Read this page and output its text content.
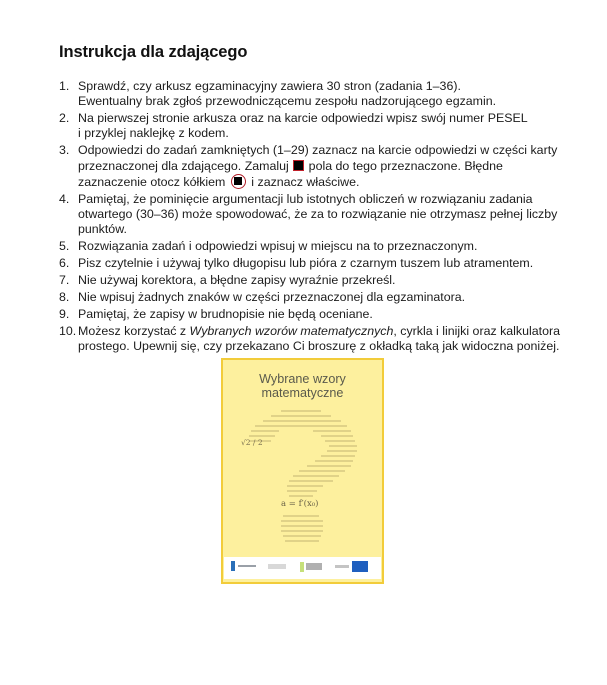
Instrukcja dla zdającego
1. Sprawdź, czy arkusz egzaminacyjny zawiera 30 stron (zadania 1–36).
Ewentualny brak zgłoś przewodniczącemu zespołu nadzorującego egzamin.
2. Na pierwszej stronie arkusza oraz na karcie odpowiedzi wpisz swój numer PESEL
i przyklej naklejkę z kodem.
3. Odpowiedzi do zadań zamkniętych (1–29) zaznacz na karcie odpowiedzi w części karty
przeznaczonej dla zdającego. Zamaluj pola do tego przeznaczone. Błędne
zaznaczenie otocz kółkiem i zaznacz właściwe.
4. Pamiętaj, że pominięcie argumentacji lub istotnych obliczeń w rozwiązaniu zadania
otwartego (30–36) może spowodować, że za to rozwiązanie nie otrzymasz pełnej liczby
punktów.
5. Rozwiązania zadań i odpowiedzi wpisuj w miejscu na to przeznaczonym.
6. Pisz czytelnie i używaj tylko długopisu lub pióra z czarnym tuszem lub atramentem.
7. Nie używaj korektora, a błędne zapisy wyraźnie przekreśl.
8. Nie wpisuj żadnych znaków w części przeznaczonej dla egzaminatora.
9. Pamiętaj, że zapisy w brudnopisie nie będą oceniane.
10. Możesz korzystać z Wybranych wzorów matematycznych, cyrkla i linijki oraz kalkulatora
prostego. Upewnij się, czy przekazano Ci broszurę z okładką taką jak widoczna poniżej.
Wybrane wzory
matematyczne
√2 / 2
a = f′(x₀)
